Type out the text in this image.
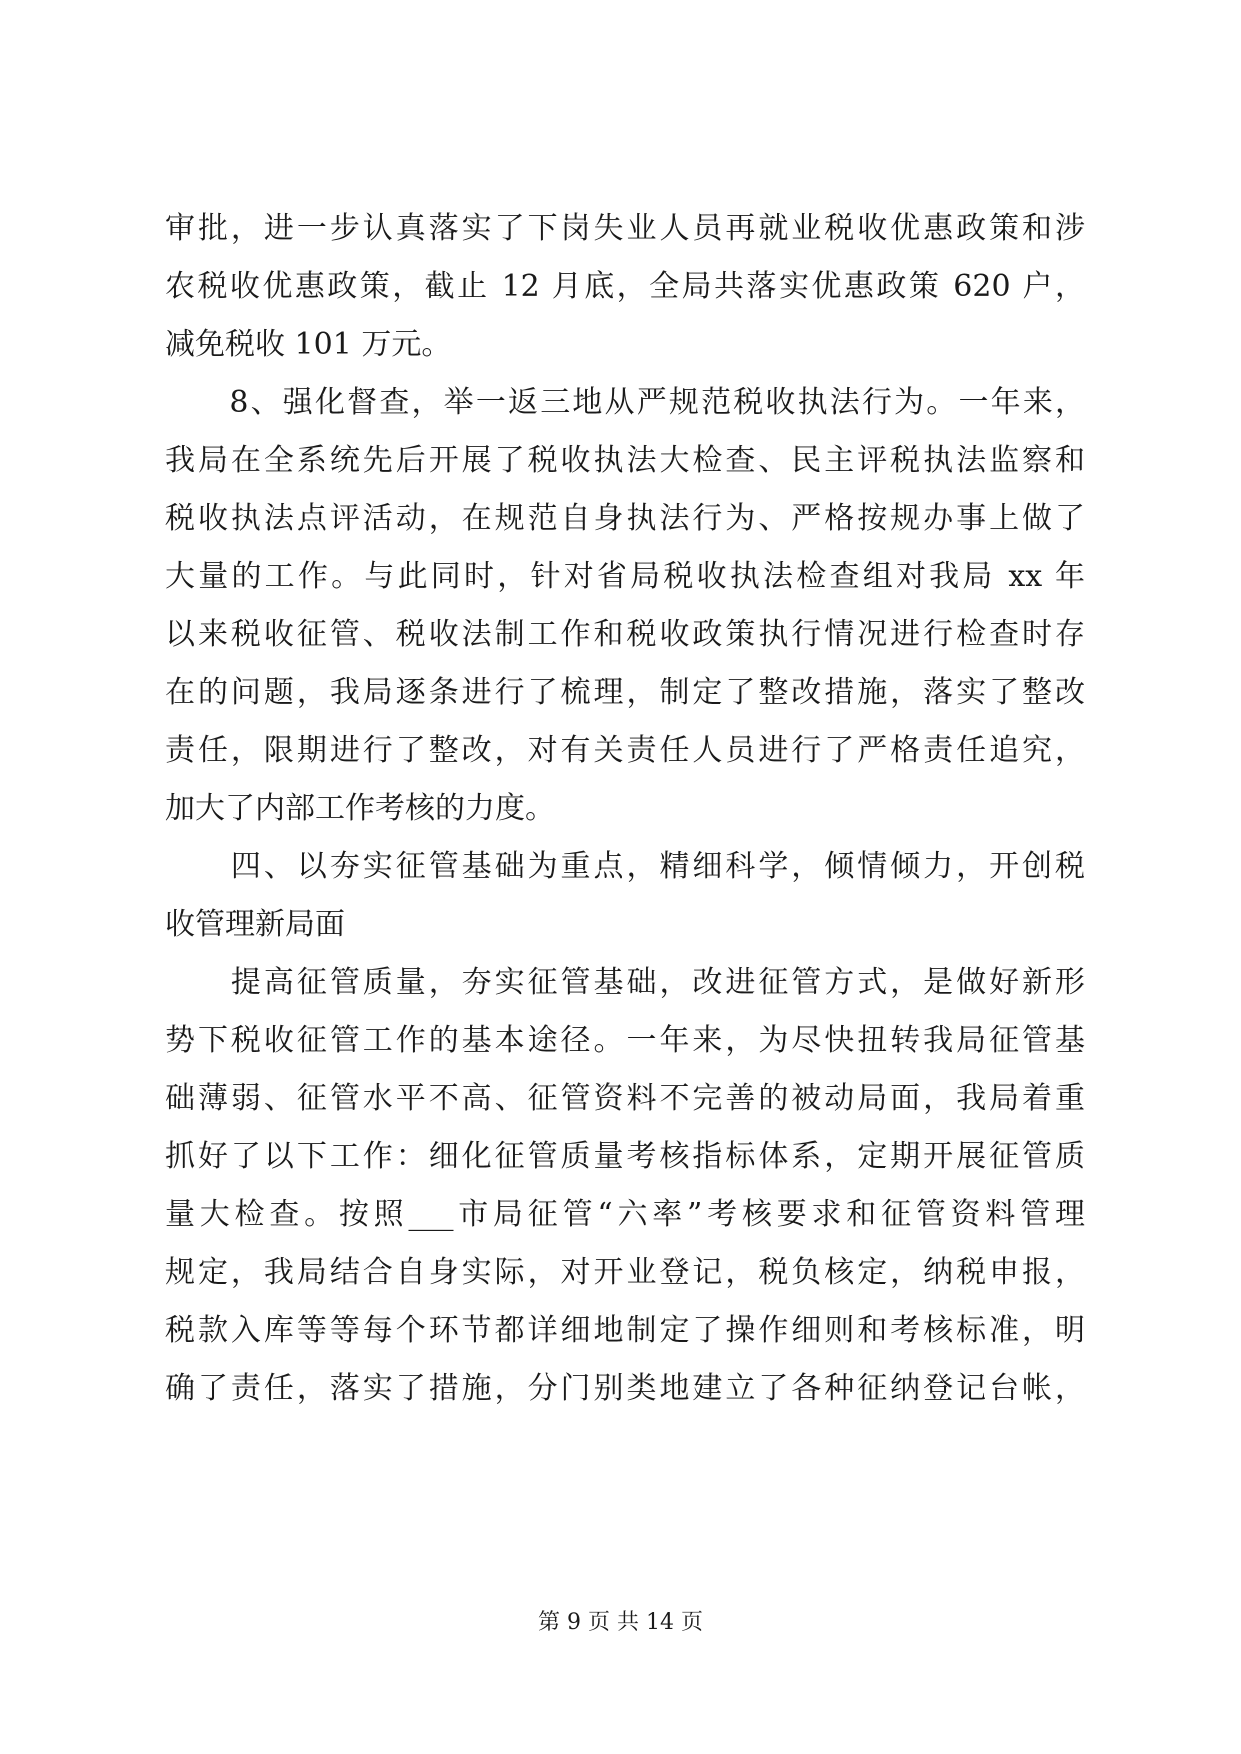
审批，进一步认真落实了下岗失业人员再就业税收优惠政策和涉
农税收优惠政策，截止 12 月底，全局共落实优惠政策 620 户，
减免税收 101 万元。
　　8、强化督查，举一返三地从严规范税收执法行为。一年来，
我局在全系统先后开展了税收执法大检查、民主评税执法监察和
税收执法点评活动，在规范自身执法行为、严格按规办事上做了
大量的工作。与此同时，针对省局税收执法检查组对我局 xx 年
以来税收征管、税收法制工作和税收政策执行情况进行检查时存
在的问题，我局逐条进行了梳理，制定了整改措施，落实了整改
责任，限期进行了整改，对有关责任人员进行了严格责任追究，
加大了内部工作考核的力度。
　　四、以夯实征管基础为重点，精细科学，倾情倾力，开创税
收管理新局面
　　提高征管质量，夯实征管基础，改进征管方式，是做好新形
势下税收征管工作的基本途径。一年来，为尽快扭转我局征管基
础薄弱、征管水平不高、征管资料不完善的被动局面，我局着重
抓好了以下工作：细化征管质量考核指标体系，定期开展征管质
量大检查。按照___市局征管“六率”考核要求和征管资料管理
规定，我局结合自身实际，对开业登记，税负核定，纳税申报，
税款入库等等每个环节都详细地制定了操作细则和考核标准，明
确了责任，落实了措施，分门别类地建立了各种征纳登记台帐，
第 9 页 共 14 页
